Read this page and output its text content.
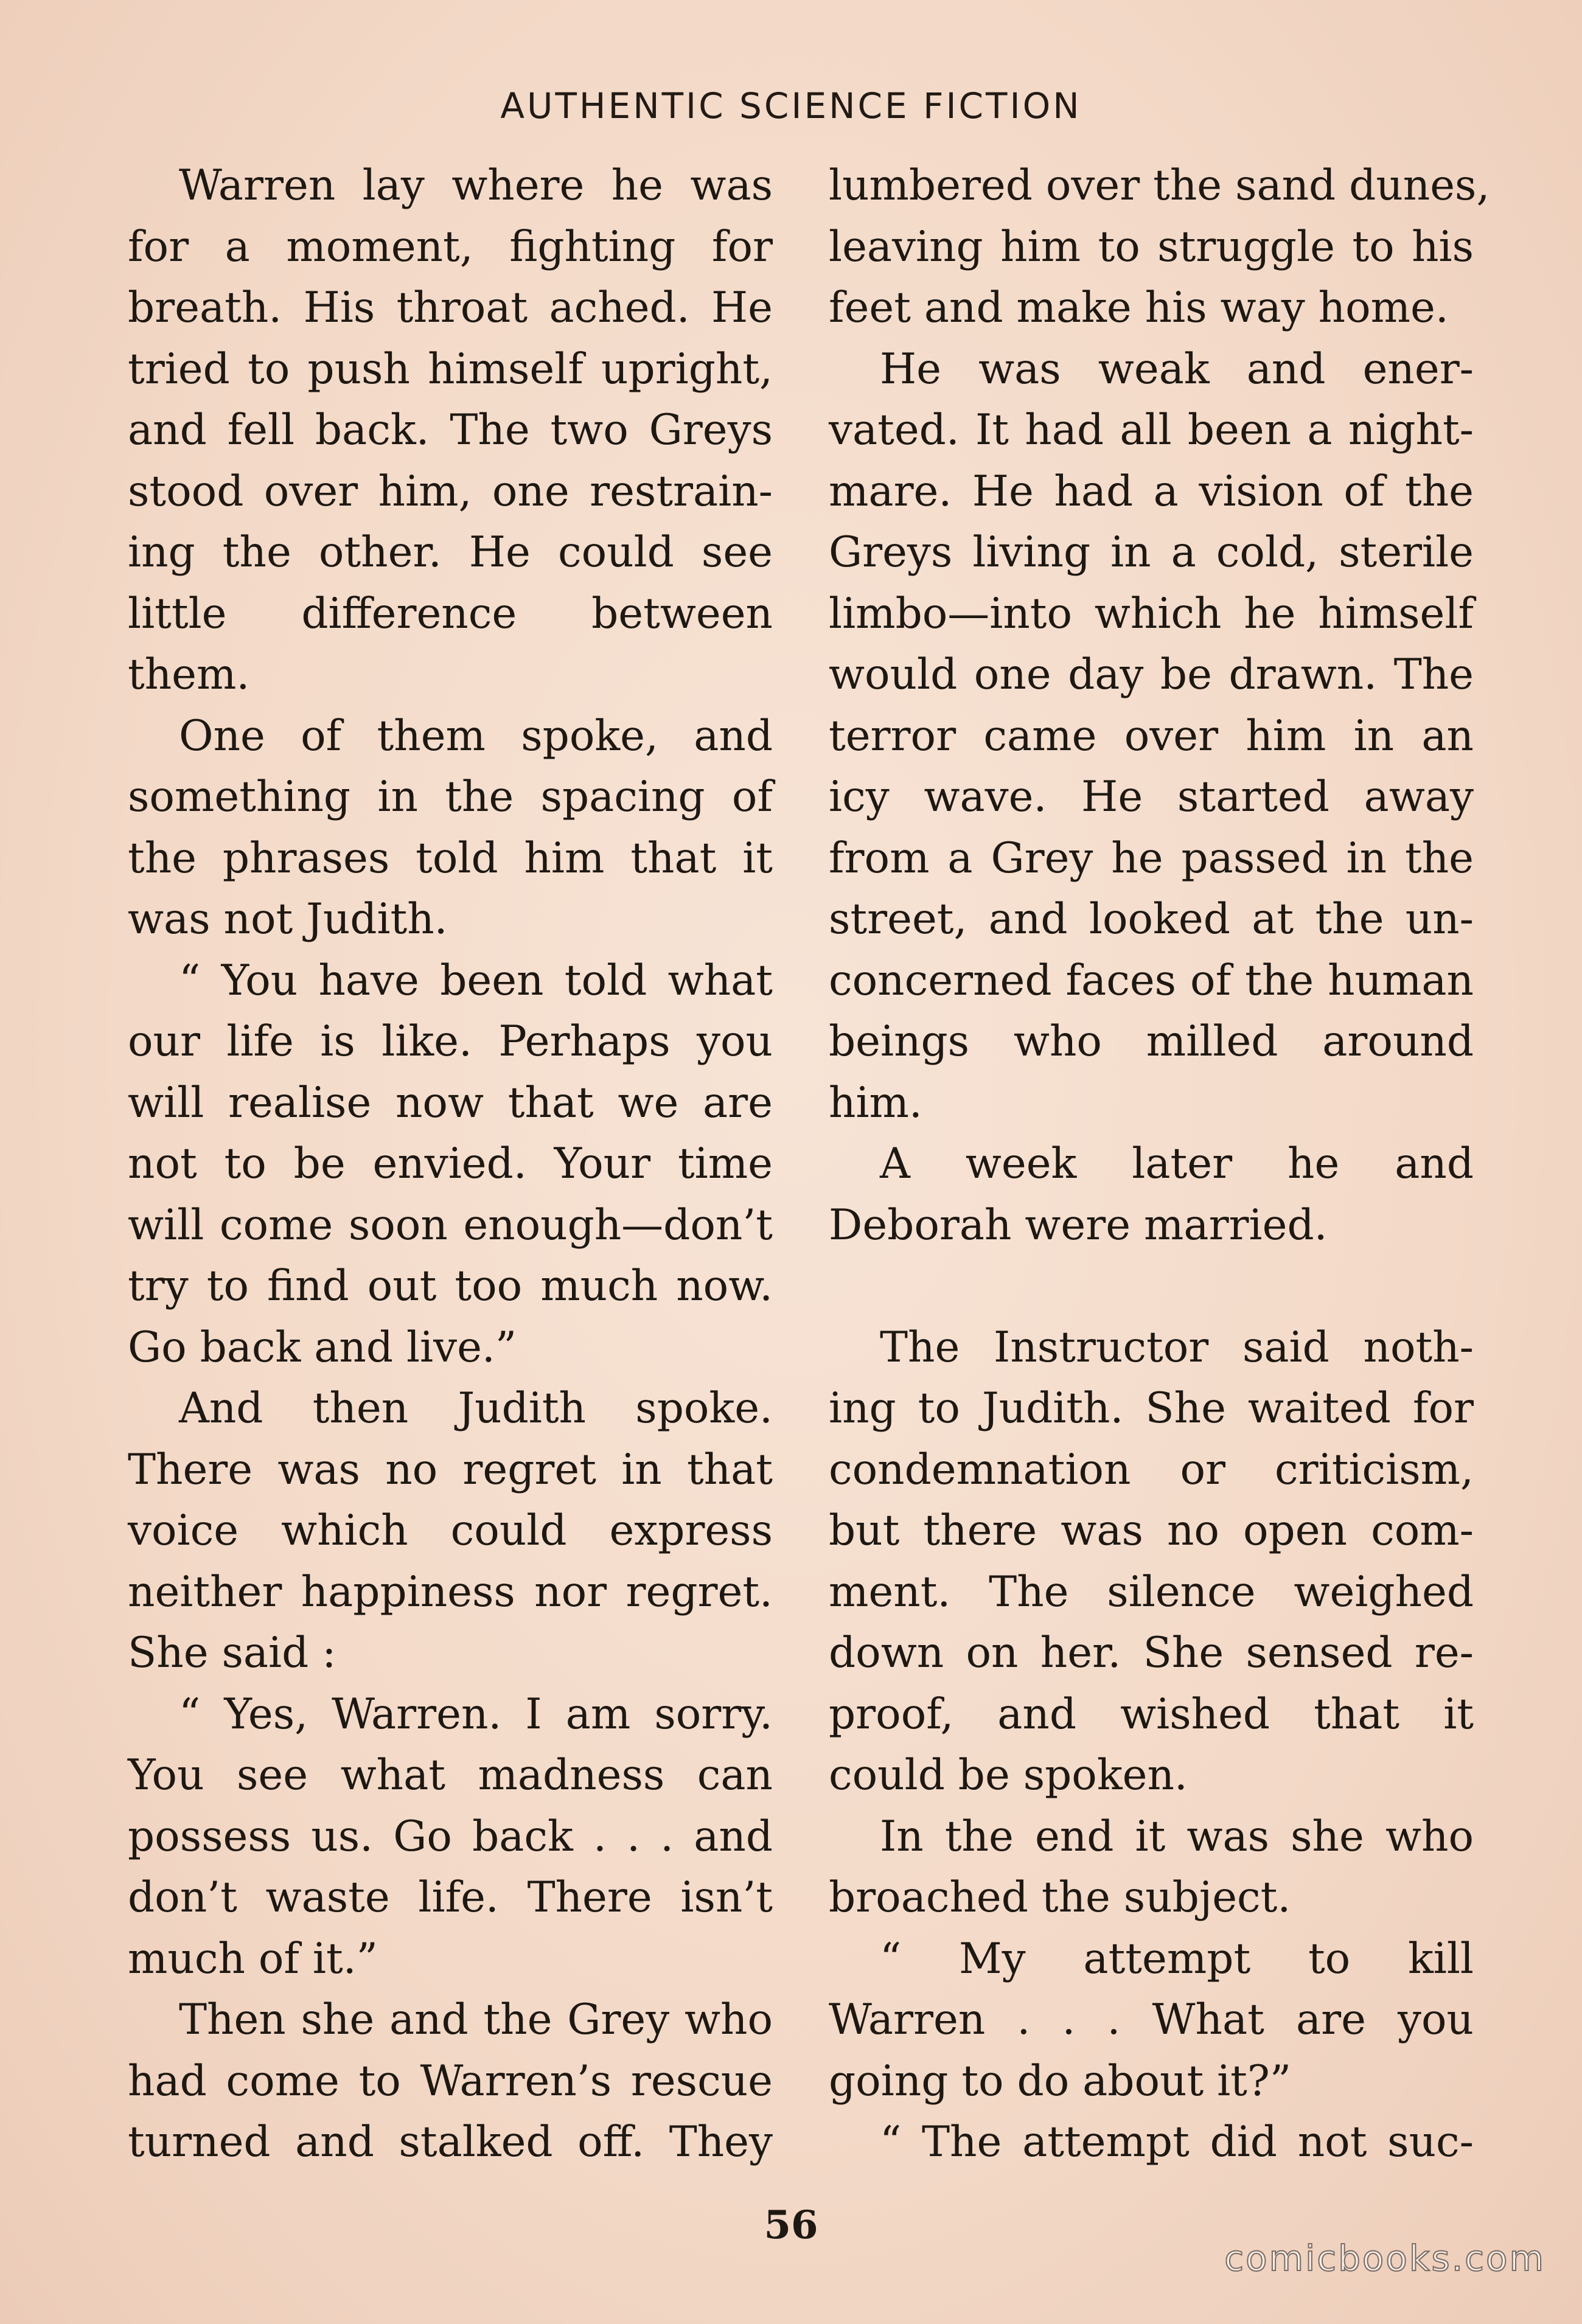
AUTHENTIC SCIENCE FICTION
Warren lay where he was
for a moment, fighting for
breath. His throat ached. He
tried to push himself upright,
and fell back. The two Greys
stood over him, one restrain-
ing the other. He could see
little difference between
them.
One of them spoke, and
something in the spacing of
the phrases told him that it
was not Judith.
“ You have been told what
our life is like. Perhaps you
will realise now that we are
not to be envied. Your time
will come soon enough—don’t
try to find out too much now.
Go back and live.”
And then Judith spoke.
There was no regret in that
voice which could express
neither happiness nor regret.
She said :
“ Yes, Warren. I am sorry.
You see what madness can
possess us. Go back . . . and
don’t waste life. There isn’t
much of it.”
Then she and the Grey who
had come to Warren’s rescue
turned and stalked off. They
lumbered over the sand dunes,
leaving him to struggle to his
feet and make his way home.
He was weak and ener-
vated. It had all been a night-
mare. He had a vision of the
Greys living in a cold, sterile
limbo—into which he himself
would one day be drawn. The
terror came over him in an
icy wave. He started away
from a Grey he passed in the
street, and looked at the un-
concerned faces of the human
beings who milled around
him.
A week later he and
Deborah were married.
The Instructor said noth-
ing to Judith. She waited for
condemnation or criticism,
but there was no open com-
ment. The silence weighed
down on her. She sensed re-
proof, and wished that it
could be spoken.
In the end it was she who
broached the subject.
“ My attempt to kill
Warren . . . What are you
going to do about it?”
“ The attempt did not suc-
56
comicbooks.com
